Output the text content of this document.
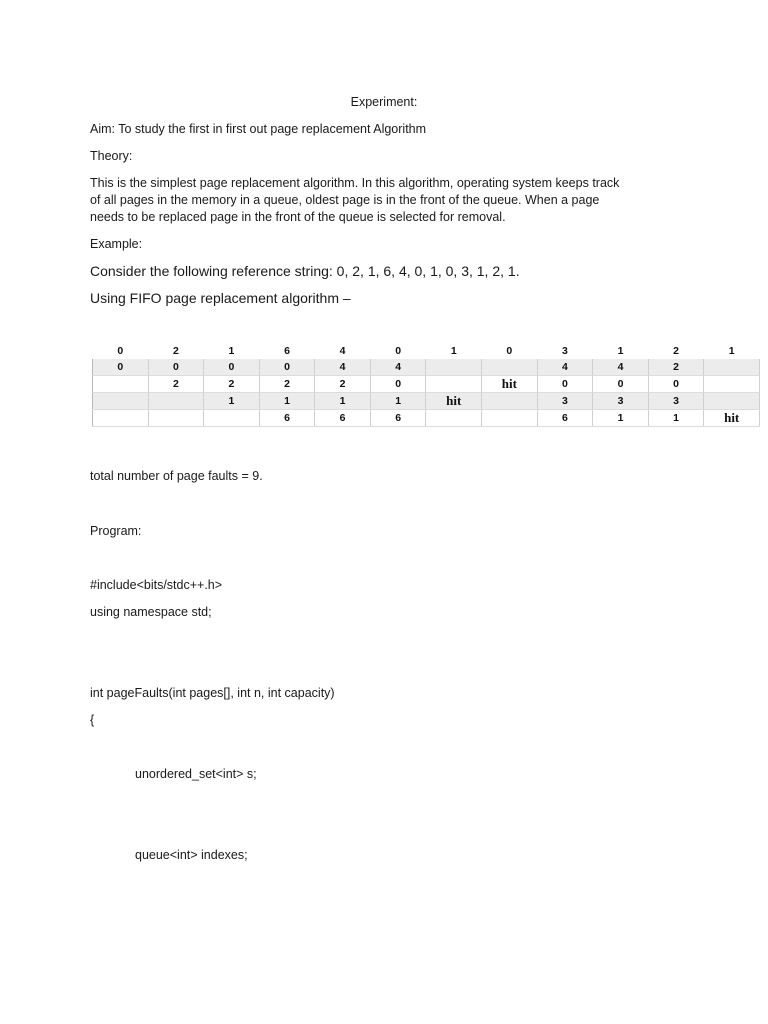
Experiment:

Aim: To study the first in first out page replacement Algorithm

Theory:

This is the simplest page replacement algorithm. In this algorithm, operating system keeps track

of all pages in the memory in a queue, oldest page is in the front of the queue. When a page

needs to be replaced page in the front of the queue is selected for removal.

Example:

Consider the following reference string: 0, 2, 1, 6, 4, 0, 1, 0, 3, 1, 2, 1.

Using FIFO page replacement algorithm –

0	2	1	6	4	0	1	0	3	1	2	1
0	0	0	0	4	4			4	4	2	
	2	2	2	2	0		hit	0	0	0	
		1	1	1	1	hit		3	3	3	
			6	6	6			6	1	1	hit

total number of page faults = 9.

Program:

#include<bits/stdc++.h>

using namespace std;

int pageFaults(int pages[], int n, int capacity)

{

unordered_set<int> s;

queue<int> indexes;
